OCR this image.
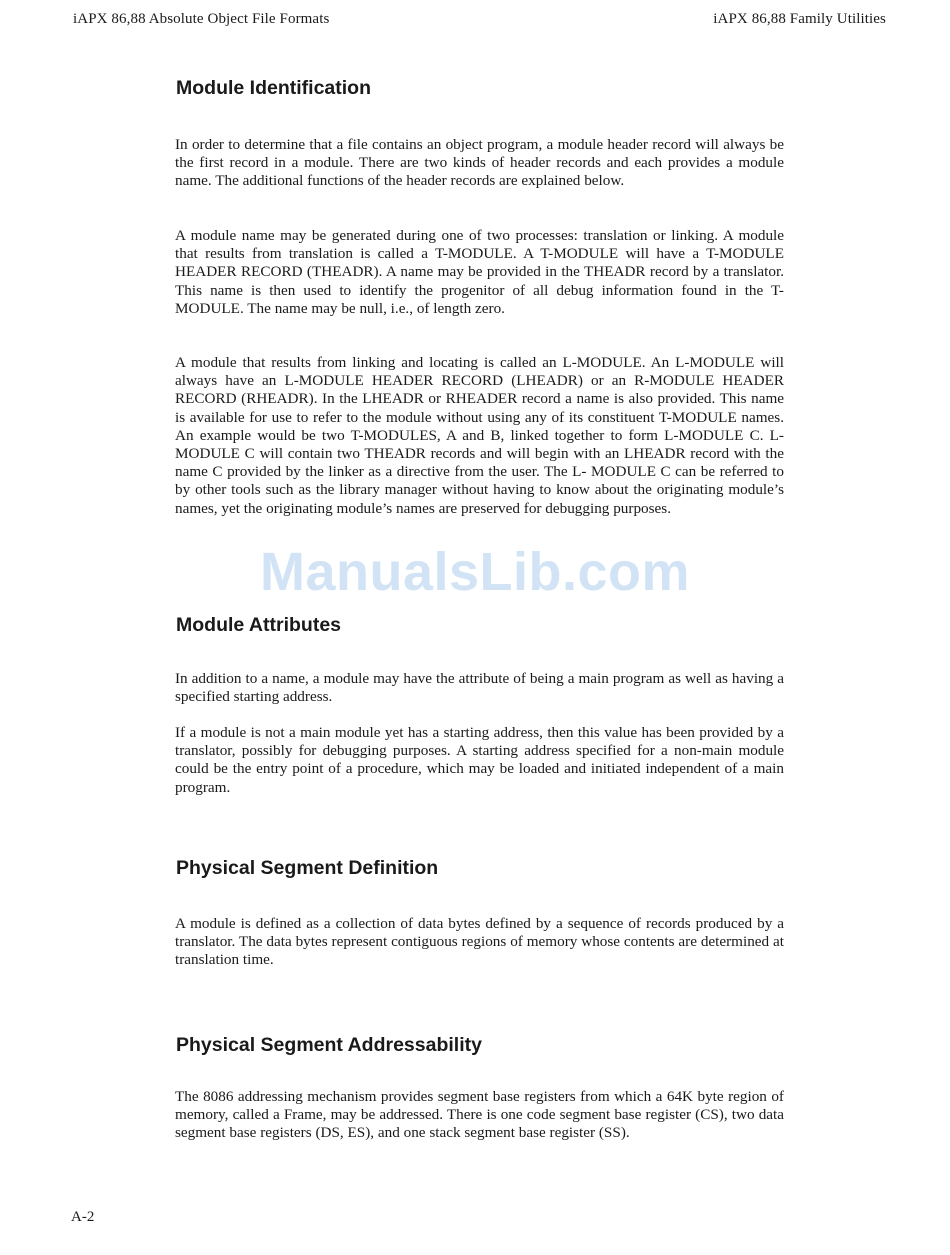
iAPX 86,88 Absolute Object File Formats	iAPX 86,88 Family Utilities
Module Identification

In order to determine that a file contains an object program, a module header record will always be the first record in a module. There are two kinds of header records and each provides a module name. The additional functions of the header records are explained below.

A module name may be generated during one of two processes: translation or linking. A module that results from translation is called a T-MODULE. A T-MODULE will have a T-MODULE HEADER RECORD (THEADR). A name may be provided in the THEADR record by a translator. This name is then used to identify the progenitor of all debug information found in the T-MODULE. The name may be null, i.e., of length zero.

A module that results from linking and locating is called an L-MODULE. An L-MODULE will always have an L-MODULE HEADER RECORD (LHEADR) or an R-MODULE HEADER RECORD (RHEADR). In the LHEADR or RHEADER record a name is also provided. This name is available for use to refer to the module without using any of its constituent T-MODULE names. An example would be two T-MODULES, A and B, linked together to form L-MODULE C. L- MODULE C will contain two THEADR records and will begin with an LHEADR record with the name C provided by the linker as a directive from the user. The L- MODULE C can be referred to by other tools such as the library manager without having to know about the originating module’s names, yet the originating module’s names are preserved for debugging purposes.

ManualsLib.com
Module Attributes

In addition to a name, a module may have the attribute of being a main program as well as having a specified starting address.

If a module is not a main module yet has a starting address, then this value has been provided by a translator, possibly for debugging purposes. A starting address specified for a non-main module could be the entry point of a procedure, which may be loaded and initiated independent of a main program.

Physical Segment Definition

A module is defined as a collection of data bytes defined by a sequence of records produced by a translator. The data bytes represent contiguous regions of memory whose contents are determined at translation time.

Physical Segment Addressability

The 8086 addressing mechanism provides segment base registers from which a 64K byte region of memory, called a Frame, may be addressed. There is one code segment base register (CS), two data segment base registers (DS, ES), and one stack segment base register (SS).

A-2
